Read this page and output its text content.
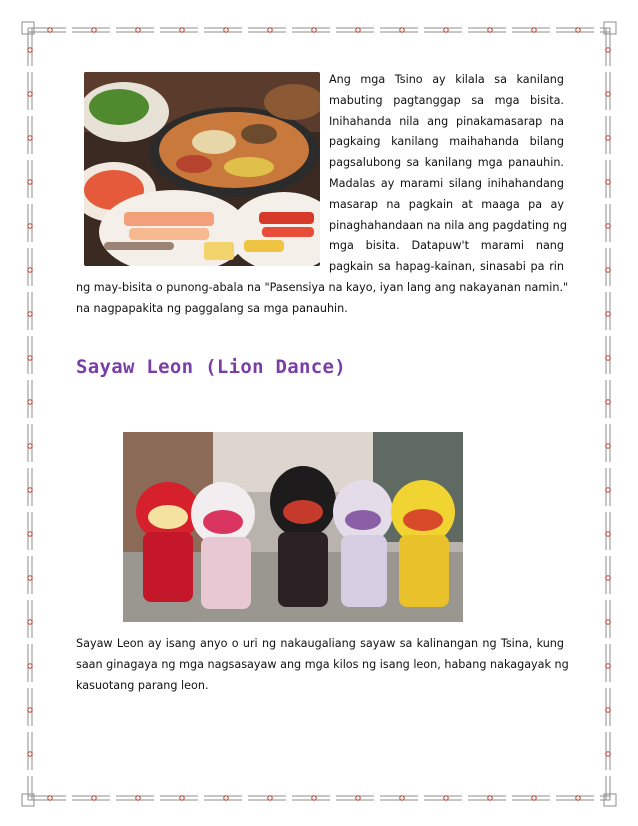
Ang mga Tsino ay kilala sa kanilang
mabuting pagtanggap sa mga bisita.
Inihahanda nila ang pinakamasarap na
pagkaing kanilang maihahanda bilang
pagsalubong sa kanilang mga panauhin.
Madalas ay marami silang inihahandang
masarap na pagkain at maaga pa ay
pinaghahandaan na nila ang pagdating ng
mga bisita. Datapuw't marami nang
pagkain sa hapag-kainan, sinasabi pa rin
ng may-bisita o punong-abala na "Pasensiya na kayo, iyan lang ang nakayanan namin."
na nagpapakita ng paggalang sa mga panauhin.
Sayaw Leon (Lion Dance)
Sayaw Leon ay isang anyo o uri ng nakaugaliang sayaw sa kalinangan ng Tsina, kung
saan ginagaya ng mga nagsasayaw ang mga kilos ng isang leon, habang nakagayak ng
kasuotang parang leon.
